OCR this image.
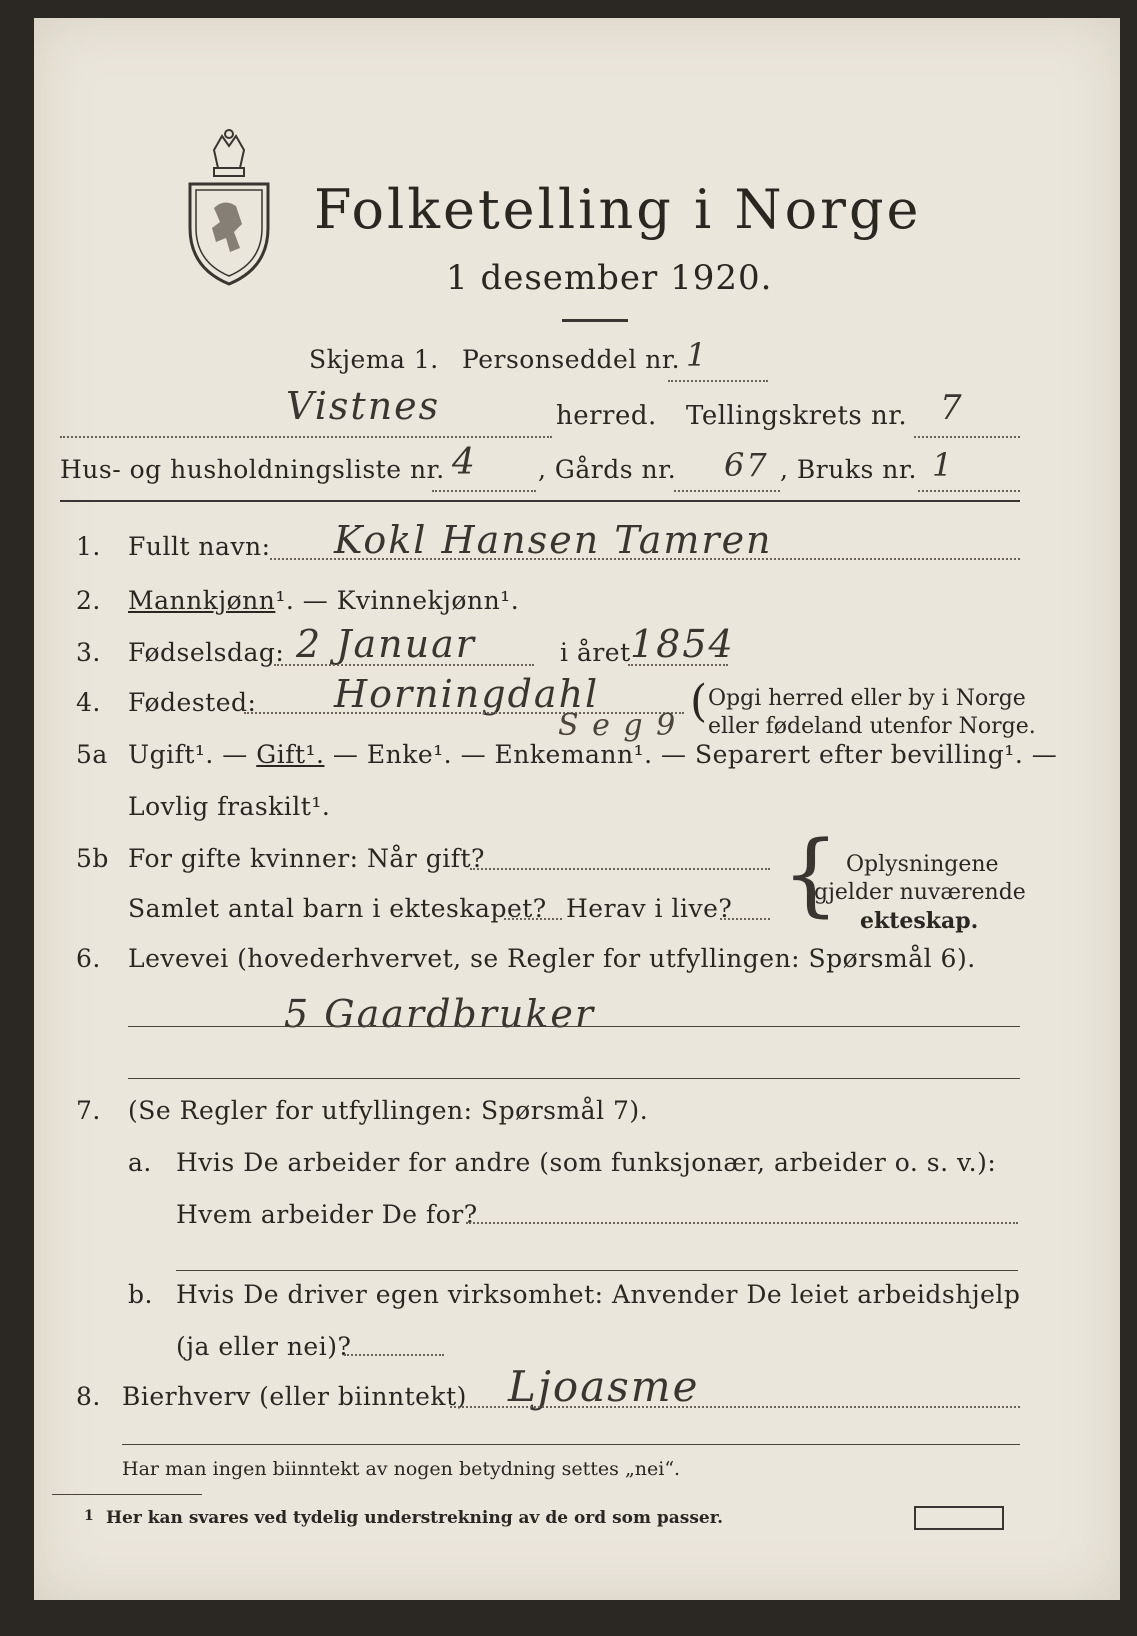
Folketelling i Norge
1 desember 1920.
Skjema 1. Personseddel nr. 1
Vistnes	herred. Tellingskrets nr. 7
Hus- og husholdningsliste nr. 4 , Gårds nr. 67 , Bruks nr. 1
1. Fullt navn: Kokl Hansen Tamren
2. Mannkjønn¹. — Kvinnekjønn¹.
3. Fødselsdag: 2 Januar	i året 1854
4. Fødested: Horningdahl ( Opgi herred eller by i Norge
eller fødeland utenfor Norge.
5a Ugift¹. — Gift¹. — Enke¹. — Enkemann¹. — Separert efter bevilling¹. —
S e g 9
Lovlig fraskilt¹.
5b For gifte kvinner: Når gift?
Samlet antal barn i ekteskapet? Herav i live? { Oplysningene
gjelder nuværende
ekteskap.
6. Levevei (hovederhvervet, se Regler for utfyllingen: Spørsmål 6).
5 Gaardbruker
7. (Se Regler for utfyllingen: Spørsmål 7).
a. Hvis De arbeider for andre (som funksjonær, arbeider o. s. v.):
Hvem arbeider De for?
b. Hvis De driver egen virksomhet: Anvender De leiet arbeidshjelp
(ja eller nei)?
8. Bierhverv (eller biinntekt) Ljoasme
Har man ingen biinntekt av nogen betydning settes „nei“.
1 Her kan svares ved tydelig understrekning av de ord som passer.
